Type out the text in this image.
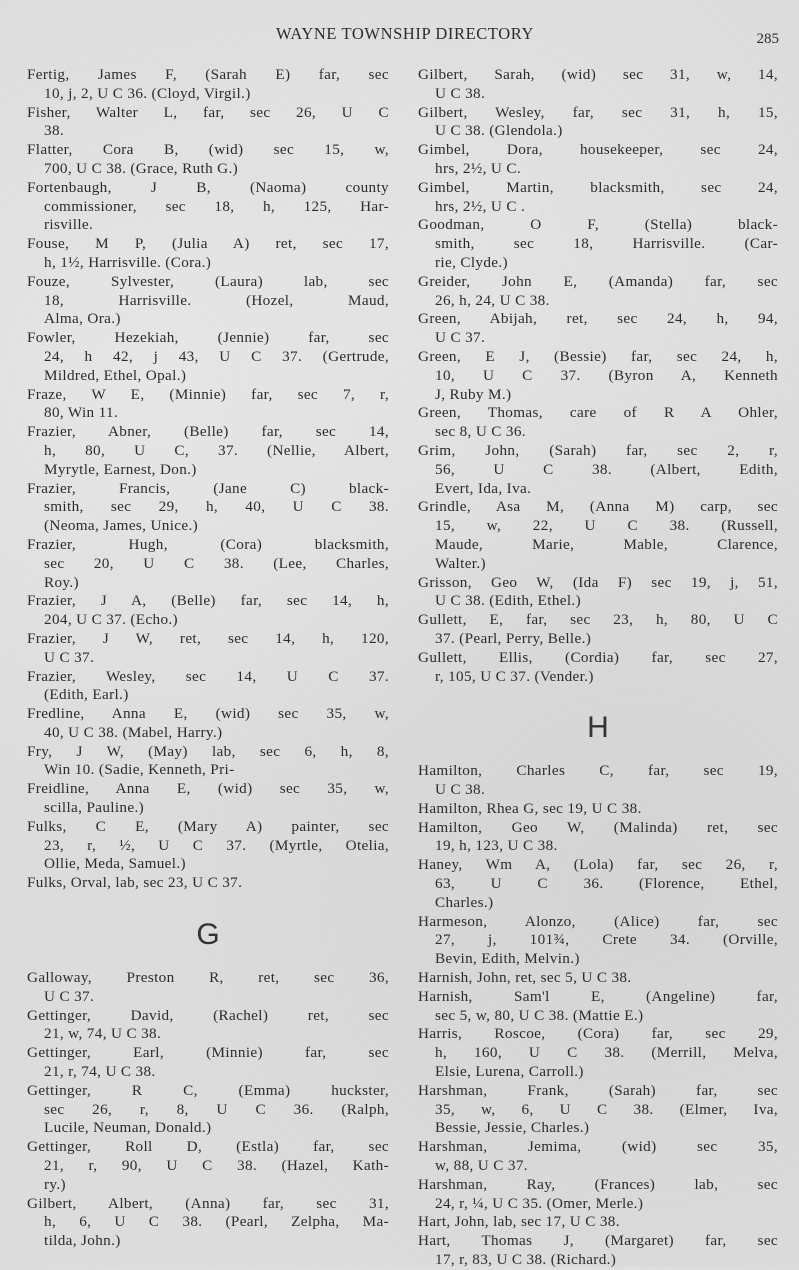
WAYNE TOWNSHIP DIRECTORY	285
Fertig, James F, (Sarah E) far, sec
10, j, 2, U C 36. (Cloyd, Virgil.)
Fisher, Walter L, far, sec 26, U C
38.
Flatter, Cora B, (wid) sec 15, w,
700, U C 38. (Grace, Ruth G.)
Fortenbaugh, J B, (Naoma) county
commissioner, sec 18, h, 125, Har-
risville.
Fouse, M P, (Julia A) ret, sec 17,
h, 1½, Harrisville. (Cora.)
Fouze, Sylvester, (Laura) lab, sec
18, Harrisville. (Hozel, Maud,
Alma, Ora.)
Fowler, Hezekiah, (Jennie) far, sec
24, h 42, j 43, U C 37. (Gertrude,
Mildred, Ethel, Opal.)
Fraze, W E, (Minnie) far, sec 7, r,
80, Win 11.
Frazier, Abner, (Belle) far, sec 14,
h, 80, U C, 37. (Nellie, Albert,
Myrytle, Earnest, Don.)
Frazier, Francis, (Jane C) black-
smith, sec 29, h, 40, U C 38.
(Neoma, James, Unice.)
Frazier, Hugh, (Cora) blacksmith,
sec 20, U C 38. (Lee, Charles,
Roy.)
Frazier, J A, (Belle) far, sec 14, h,
204, U C 37. (Echo.)
Frazier, J W, ret, sec 14, h, 120,
U C 37.
Frazier, Wesley, sec 14, U C 37.
(Edith, Earl.)
Fredline, Anna E, (wid) sec 35, w,
40, U C 38. (Mabel, Harry.)
Fry, J W, (May) lab, sec 6, h, 8,
Win 10. (Sadie, Kenneth, Pri-
Freidline, Anna E, (wid) sec 35, w,
scilla, Pauline.)
Fulks, C E, (Mary A) painter, sec
23, r, ½, U C 37. (Myrtle, Otelia,
Ollie, Meda, Samuel.)
Fulks, Orval, lab, sec 23, U C 37.
G
Galloway, Preston R, ret, sec 36,
U C 37.
Gettinger, David, (Rachel) ret, sec
21, w, 74, U C 38.
Gettinger, Earl, (Minnie) far, sec
21, r, 74, U C 38.
Gettinger, R C, (Emma) huckster,
sec 26, r, 8, U C 36. (Ralph,
Lucile, Neuman, Donald.)
Gettinger, Roll D, (Estla) far, sec
21, r, 90, U C 38. (Hazel, Kath-
ry.)
Gilbert, Albert, (Anna) far, sec 31,
h, 6, U C 38. (Pearl, Zelpha, Ma-
tilda, John.)
Gilbert, Sarah, (wid) sec 31, w, 14,
U C 38.
Gilbert, Wesley, far, sec 31, h, 15,
U C 38. (Glendola.)
Gimbel, Dora, housekeeper, sec 24,
hrs, 2½, U C.
Gimbel, Martin, blacksmith, sec 24,
hrs, 2½, U C .
Goodman, O F, (Stella) black-
smith, sec 18, Harrisville. (Car-
rie, Clyde.)
Greider, John E, (Amanda) far, sec
26, h, 24, U C 38.
Green, Abijah, ret, sec 24, h, 94,
U C 37.
Green, E J, (Bessie) far, sec 24, h,
10, U C 37. (Byron A, Kenneth
J, Ruby M.)
Green, Thomas, care of R A Ohler,
sec 8, U C 36.
Grim, John, (Sarah) far, sec 2, r,
56, U C 38. (Albert, Edith,
Evert, Ida, Iva.
Grindle, Asa M, (Anna M) carp, sec
15, w, 22, U C 38. (Russell,
Maude, Marie, Mable, Clarence,
Walter.)
Grisson, Geo W, (Ida F) sec 19, j, 51,
U C 38. (Edith, Ethel.)
Gullett, E, far, sec 23, h, 80, U C
37. (Pearl, Perry, Belle.)
Gullett, Ellis, (Cordia) far, sec 27,
r, 105, U C 37. (Vender.)
H
Hamilton, Charles C, far, sec 19,
U C 38.
Hamilton, Rhea G, sec 19, U C 38.
Hamilton, Geo W, (Malinda) ret, sec
19, h, 123, U C 38.
Haney, Wm A, (Lola) far, sec 26, r,
63, U C 36. (Florence, Ethel,
Charles.)
Harmeson, Alonzo, (Alice) far, sec
27, j, 101¾, Crete 34. (Orville,
Bevin, Edith, Melvin.)
Harnish, John, ret, sec 5, U C 38.
Harnish, Sam'l E, (Angeline) far,
sec 5, w, 80, U C 38. (Mattie E.)
Harris, Roscoe, (Cora) far, sec 29,
h, 160, U C 38. (Merrill, Melva,
Elsie, Lurena, Carroll.)
Harshman, Frank, (Sarah) far, sec
35, w, 6, U C 38. (Elmer, Iva,
Bessie, Jessie, Charles.)
Harshman, Jemima, (wid) sec 35,
w, 88, U C 37.
Harshman, Ray, (Frances) lab, sec
24, r, ¼, U C 35. (Omer, Merle.)
Hart, John, lab, sec 17, U C 38.
Hart, Thomas J, (Margaret) far, sec
17, r, 83, U C 38. (Richard.)
